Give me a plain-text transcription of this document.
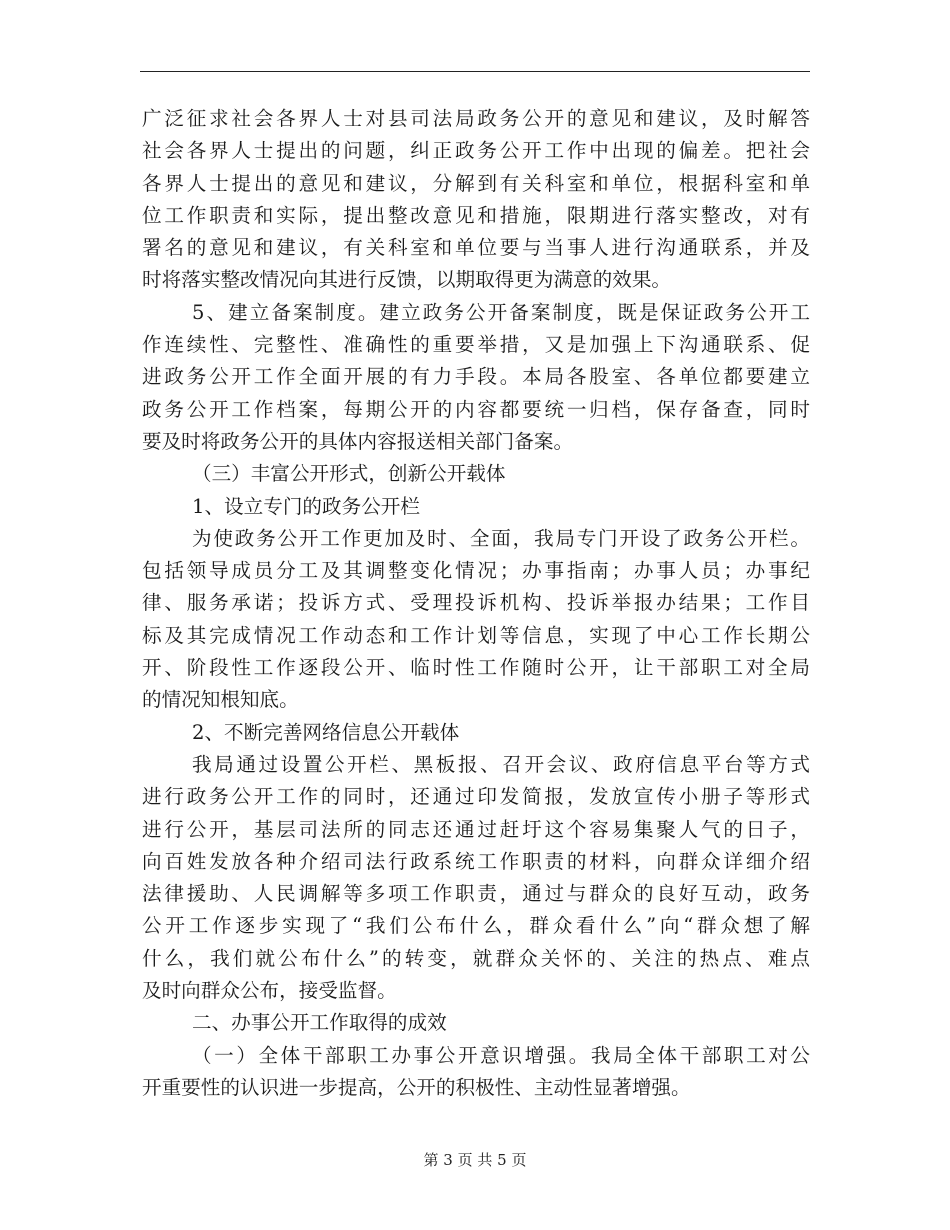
广泛征求社会各界人士对县司法局政务公开的意见和建议，及时解答
社会各界人士提出的问题，纠正政务公开工作中出现的偏差。把社会
各界人士提出的意见和建议，分解到有关科室和单位，根据科室和单
位工作职责和实际，提出整改意见和措施，限期进行落实整改，对有
署名的意见和建议，有关科室和单位要与当事人进行沟通联系，并及
时将落实整改情况向其进行反馈，以期取得更为满意的效果。
5、建立备案制度。建立政务公开备案制度，既是保证政务公开工
作连续性、完整性、准确性的重要举措，又是加强上下沟通联系、促
进政务公开工作全面开展的有力手段。本局各股室、各单位都要建立
政务公开工作档案，每期公开的内容都要统一归档，保存备查，同时
要及时将政务公开的具体内容报送相关部门备案。
（三）丰富公开形式，创新公开载体
1、设立专门的政务公开栏
为使政务公开工作更加及时、全面，我局专门开设了政务公开栏。
包括领导成员分工及其调整变化情况；办事指南；办事人员；办事纪
律、服务承诺；投诉方式、受理投诉机构、投诉举报办结果；工作目
标及其完成情况工作动态和工作计划等信息，实现了中心工作长期公
开、阶段性工作逐段公开、临时性工作随时公开，让干部职工对全局
的情况知根知底。
2、不断完善网络信息公开载体
我局通过设置公开栏、黑板报、召开会议、政府信息平台等方式
进行政务公开工作的同时，还通过印发简报，发放宣传小册子等形式
进行公开，基层司法所的同志还通过赶圩这个容易集聚人气的日子，
向百姓发放各种介绍司法行政系统工作职责的材料，向群众详细介绍
法律援助、人民调解等多项工作职责，通过与群众的良好互动，政务
公开工作逐步实现了“我们公布什么，群众看什么”向“群众想了解
什么，我们就公布什么”的转变，就群众关怀的、关注的热点、难点
及时向群众公布，接受监督。
二、办事公开工作取得的成效
（一）全体干部职工办事公开意识增强。我局全体干部职工对公
开重要性的认识进一步提高，公开的积极性、主动性显著增强。
第 3 页 共 5 页
